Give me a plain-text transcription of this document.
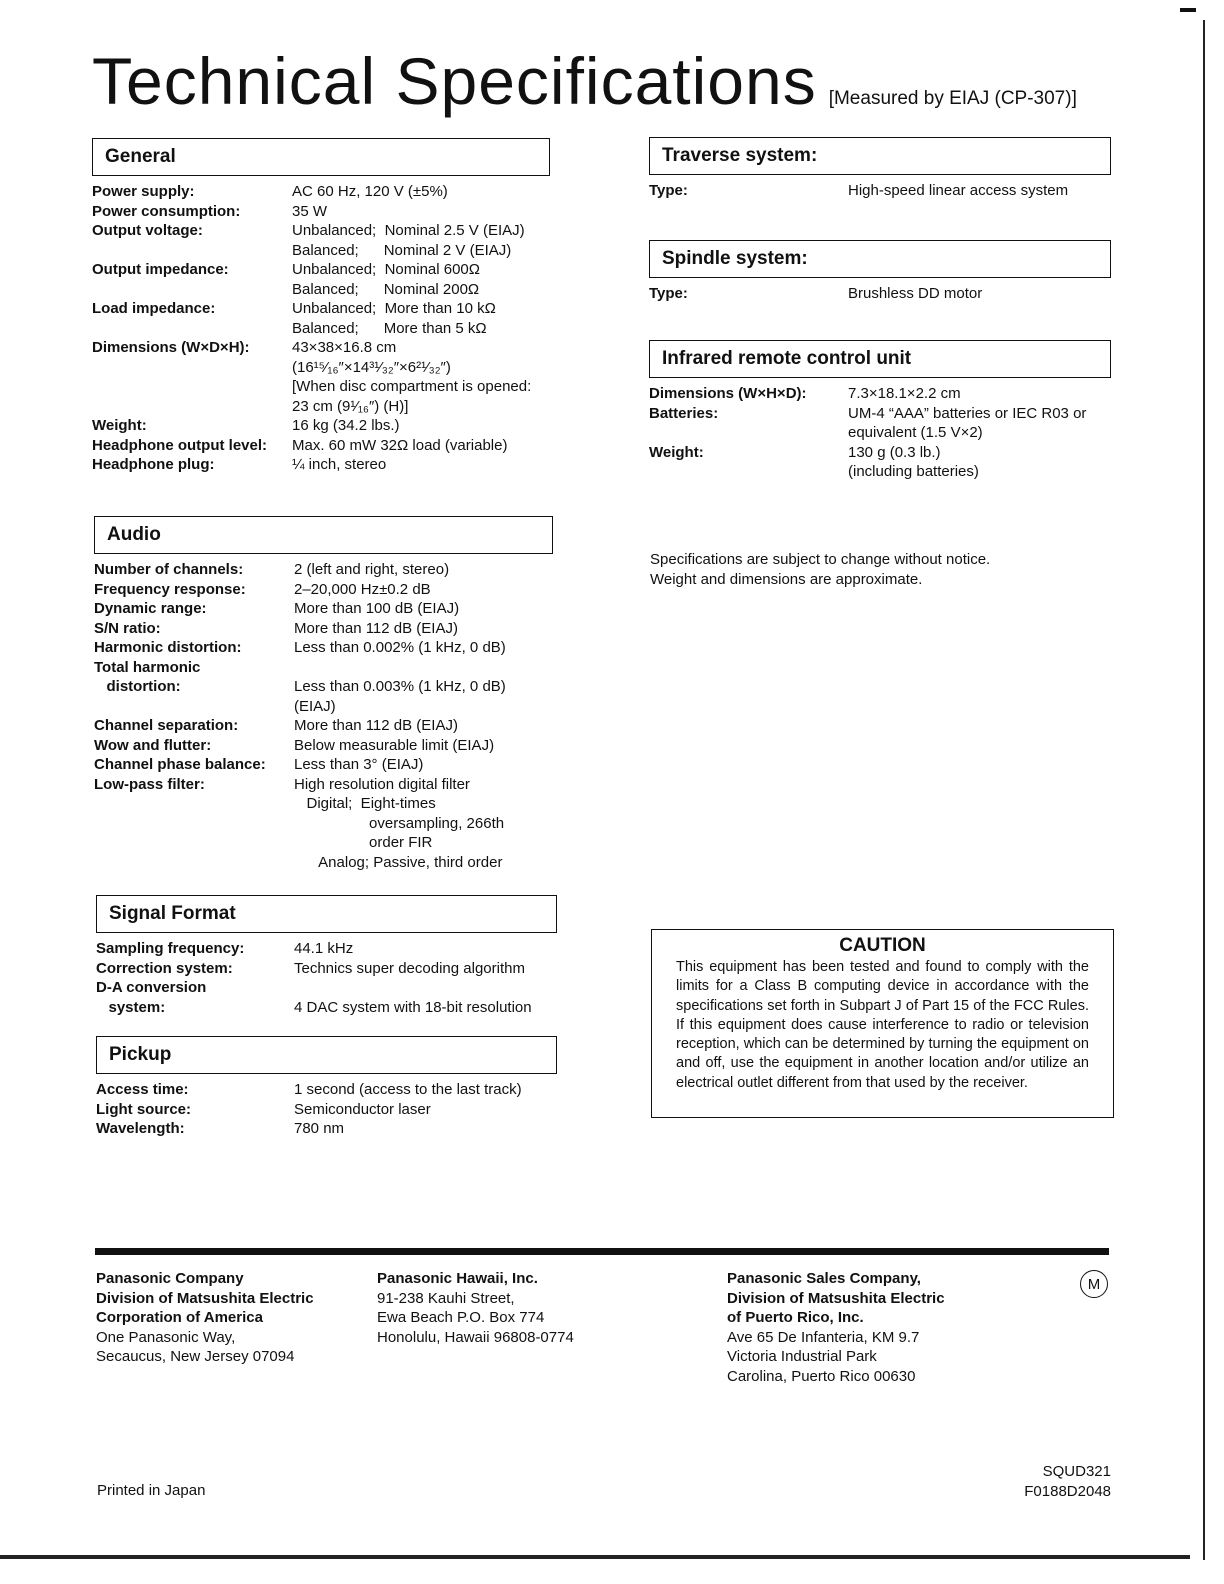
Technical Specifications [Measured by EIAJ (CP-307)]
General
Power supply:	AC 60 Hz, 120 V (±5%)
Power consumption:	35 W
Output voltage:	Unbalanced;  Nominal 2.5 V (EIAJ)
Balanced;      Nominal 2 V (EIAJ)
Output impedance:	Unbalanced;  Nominal 600Ω
Balanced;      Nominal 200Ω
Load impedance:	Unbalanced;  More than 10 kΩ
Balanced;      More than 5 kΩ
Dimensions (W×D×H):	43×38×16.8 cm
(16¹⁵⁄₁₆″×14³¹⁄₃₂″×6²¹⁄₃₂″)
[When disc compartment is opened:
23 cm (9¹⁄₁₆″) (H)]
Weight:	16 kg (34.2 lbs.)
Headphone output level:	Max. 60 mW 32Ω load (variable)
Headphone plug:	¼ inch, stereo
Audio
Number of channels:	2 (left and right, stereo)
Frequency response:	2–20,000 Hz±0.2 dB
Dynamic range:	More than 100 dB (EIAJ)
S/N ratio:	More than 112 dB (EIAJ)
Harmonic distortion:	Less than 0.002% (1 kHz, 0 dB)
Total harmonic
distortion:
	Less than 0.003% (1 kHz, 0 dB)
(EIAJ)
Channel separation:	More than 112 dB (EIAJ)
Wow and flutter:	Below measurable limit (EIAJ)
Channel phase balance:	Less than 3° (EIAJ)
Low-pass filter:	High resolution digital filter
Digital;  Eight-times
oversampling, 266th
order FIR
Analog; Passive, third order
Signal Format
Sampling frequency:	44.1 kHz
Correction system:	Technics super decoding algorithm
D-A conversion
system:
	4 DAC system with 18-bit resolution
Pickup
Access time:	1 second (access to the last track)
Light source:	Semiconductor laser
Wavelength:	780 nm
Traverse system:
Type:	High-speed linear access system
Spindle system:
Type:	Brushless DD motor
Infrared remote control unit
Dimensions (W×H×D):	7.3×18.1×2.2 cm
Batteries:	UM-4 “AAA” batteries or IEC R03 or
equivalent (1.5 V×2)
Weight:	130 g (0.3 lb.)
(including batteries)
Specifications are subject to change without notice.
Weight and dimensions are approximate.
CAUTION

This equipment has been tested and found to comply with the limits for a Class B computing device in accordance with the specifications set forth in Subpart J of Part 15 of the FCC Rules. If this equipment does cause interference to radio or television reception, which can be determined by turning the equipment on and off, use the equipment in another location and/or utilize an electrical outlet different from that used by the receiver.

Panasonic Company
Division of Matsushita Electric
Corporation of America
One Panasonic Way,
Secaucus, New Jersey 07094
Panasonic Hawaii, Inc.
91-238 Kauhi Street,
Ewa Beach P.O. Box 774
Honolulu, Hawaii 96808-0774
Panasonic Sales Company,
Division of Matsushita Electric
of Puerto Rico, Inc.
Ave 65 De Infanteria, KM 9.7
Victoria Industrial Park
Carolina, Puerto Rico 00630
M
Printed in Japan
SQUD321
F0188D2048
